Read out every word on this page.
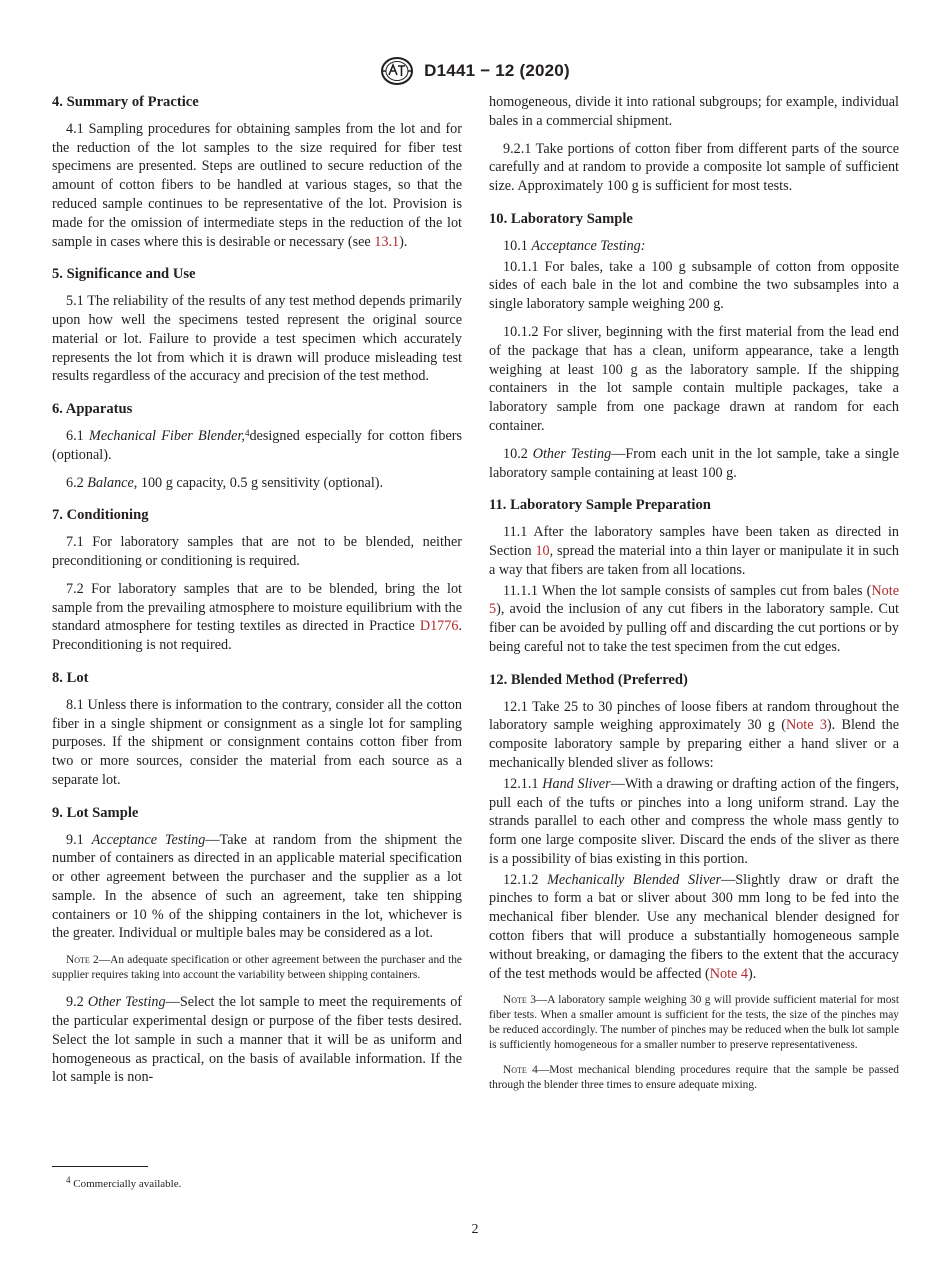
D1441 − 12 (2020)
4. Summary of Practice

4.1 Sampling procedures for obtaining samples from the lot and for the reduction of the lot samples to the size required for fiber test specimens are presented. Steps are outlined to secure reduction of the amount of cotton fibers to be handled at various stages, so that the reduced sample continues to be representative of the lot. Provision is made for the omission of intermediate steps in the reduction of the lot sample in cases where this is desirable or necessary (see 13.1).

5. Significance and Use

5.1 The reliability of the results of any test method depends primarily upon how well the specimens tested represent the original source material or lot. Failure to provide a test specimen which accurately represents the lot from which it is drawn will produce misleading test results regardless of the accuracy and precision of the test method.

6. Apparatus

6.1 Mechanical Fiber Blender,$^4$designed especially for cotton fibers (optional).

6.2 Balance, 100 g capacity, 0.5 g sensitivity (optional).

7. Conditioning

7.1 For laboratory samples that are not to be blended, neither preconditioning or conditioning is required.

7.2 For laboratory samples that are to be blended, bring the lot sample from the prevailing atmosphere to moisture equilibrium with the standard atmosphere for testing textiles as directed in Practice D1776. Preconditioning is not required.

8. Lot

8.1 Unless there is information to the contrary, consider all the cotton fiber in a single shipment or consignment as a single lot for sampling purposes. If the shipment or consignment contains cotton fiber from two or more sources, consider the material from each source as a separate lot.

9. Lot Sample

9.1 Acceptance Testing—Take at random from the shipment the number of containers as directed in an applicable material specification or other agreement between the purchaser and the supplier as a lot sample. In the absence of such an agreement, take ten shipping containers or 10 % of the shipping containers in the lot, whichever is the greater. Individual or multiple bales may be considered as a lot.

Note 2—An adequate specification or other agreement between the purchaser and the supplier requires taking into account the variability between shipping containers.

9.2 Other Testing—Select the lot sample to meet the requirements of the particular experimental design or purpose of the fiber tests desired. Select the lot sample in such a manner that it will be as uniform and homogeneous as practical, on the basis of available information. If the lot sample is non-

homogeneous, divide it into rational subgroups; for example, individual bales in a commercial shipment.

9.2.1 Take portions of cotton fiber from different parts of the source carefully and at random to provide a composite lot sample of sufficient size. Approximately 100 g is sufficient for most tests.

10. Laboratory Sample

10.1 Acceptance Testing:

10.1.1 For bales, take a 100 g subsample of cotton from opposite sides of each bale in the lot and combine the two subsamples into a single laboratory sample weighing 200 g.

10.1.2 For sliver, beginning with the first material from the lead end of the package that has a clean, uniform appearance, take a length weighing at least 100 g as the laboratory sample. If the shipping containers in the lot sample contain multiple packages, take a laboratory sample from one package drawn at random for each container.

10.2 Other Testing—From each unit in the lot sample, take a single laboratory sample containing at least 100 g.

11. Laboratory Sample Preparation

11.1 After the laboratory samples have been taken as directed in Section 10, spread the material into a thin layer or manipulate it in such a way that fibers are taken from all locations.

11.1.1 When the lot sample consists of samples cut from bales (Note 5), avoid the inclusion of any cut fibers in the laboratory sample. Cut fiber can be avoided by pulling off and discarding the cut portions or by being careful not to take the test specimen from the cut edges.

12. Blended Method (Preferred)

12.1 Take 25 to 30 pinches of loose fibers at random throughout the laboratory sample weighing approximately 30 g (Note 3). Blend the composite laboratory sample by preparing either a hand sliver or a mechanically blended sliver as follows:

12.1.1 Hand Sliver—With a drawing or drafting action of the fingers, pull each of the tufts or pinches into a long uniform strand. Lay the strands parallel to each other and compress the whole mass gently to form one large composite sliver. Discard the ends of the sliver as there is a possibility of bias existing in this portion.

12.1.2 Mechanically Blended Sliver—Slightly draw or draft the pinches to form a bat or sliver about 300 mm long to be fed into the mechanical fiber blender. Use any mechanical blender designed for cotton fibers that will produce a substantially homogeneous sample without breaking, or damaging the fibers to the extent that the accuracy of the test methods would be affected (Note 4).

Note 3—A laboratory sample weighing 30 g will provide sufficient material for most fiber tests. When a smaller amount is sufficient for the tests, the size of the pinches may be reduced accordingly. The number of pinches may be reduced when the bulk lot sample is sufficiently homogeneous for a smaller number to preserve representativeness.

Note 4—Most mechanical blending procedures require that the sample be passed through the blender three times to ensure adequate mixing.

$^4$ Commercially available.
2
